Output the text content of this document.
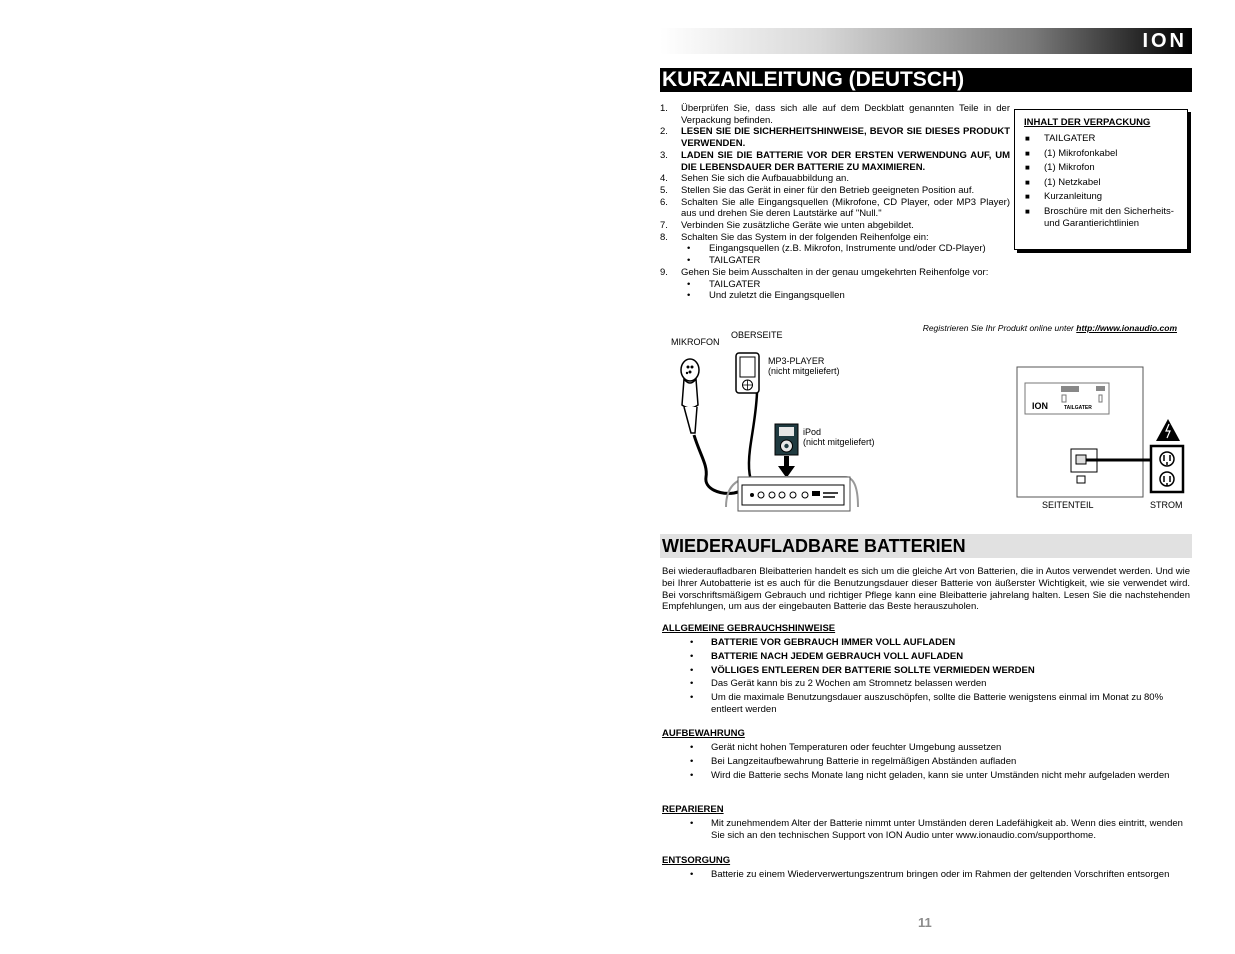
ION
KURZANLEITUNG (DEUTSCH)
1.	Überprüfen Sie, dass sich alle auf dem Deckblatt genannten Teile in der Verpackung befinden.
2.	LESEN SIE DIE SICHERHEITSHINWEISE, BEVOR SIE DIESES PRODUKT VERWENDEN.
3.	LADEN SIE DIE BATTERIE VOR DER ERSTEN VERWENDUNG AUF, UM DIE LEBENSDAUER DER BATTERIE ZU MAXIMIEREN.
4.	Sehen Sie sich die Aufbauabbildung an.
5.	Stellen Sie das Gerät in einer für den Betrieb geeigneten Position auf.
6.	Schalten Sie alle Eingangsquellen (Mikrofone, CD Player, oder MP3 Player) aus und drehen Sie deren Lautstärke auf "Null."
7.	Verbinden Sie zusätzliche Geräte wie unten abgebildet.
8.	Schalten Sie das System in der folgenden Reihenfolge ein:
•	Eingangsquellen (z.B. Mikrofon, Instrumente und/oder CD-Player)
•	TAILGATER
9.	Gehen Sie beim Ausschalten in der genau umgekehrten Reihenfolge vor:
•	TAILGATER
•	Und zuletzt die Eingangsquellen
INHALT DER VERPACKUNG
■	TAILGATER
■	(1) Mikrofonkabel
■	(1) Mikrofon
■	(1) Netzkabel
■	Kurzanleitung
■	Broschüre mit den Sicherheits- und Garantierichtlinien
Registrieren Sie Ihr Produkt online unter http://www.ionaudio.com
MIKROFON
OBERSEITE
MP3-PLAYER
(nicht mitgeliefert)
iPod
(nicht mitgeliefert)
SEITENTEIL	STROM
ION	TAILGATER
WIEDERAUFLADBARE BATTERIEN
Bei wiederaufladbaren Bleibatterien handelt es sich um die gleiche Art von Batterien, die in Autos verwendet werden. Und wie bei Ihrer Autobatterie ist es auch für die Benutzungsdauer dieser Batterie von äußerster Wichtigkeit, wie sie verwendet wird. Bei vorschriftsmäßigem Gebrauch und richtiger Pflege kann eine Bleibatterie jahrelang halten. Lesen Sie die nachstehenden Empfehlungen, um aus der eingebauten Batterie das Beste herauszuholen.
ALLGEMEINE GEBRAUCHSHINWEISE
•	BATTERIE VOR GEBRAUCH IMMER VOLL AUFLADEN
•	BATTERIE NACH JEDEM GEBRAUCH VOLL AUFLADEN
•	VÖLLIGES ENTLEEREN DER BATTERIE SOLLTE VERMIEDEN WERDEN
•	Das Gerät kann bis zu 2 Wochen am Stromnetz belassen werden
•	Um die maximale Benutzungsdauer auszuschöpfen, sollte die Batterie wenigstens einmal im Monat zu 80% entleert werden
AUFBEWAHRUNG
•	Gerät nicht hohen Temperaturen oder feuchter Umgebung aussetzen
•	Bei Langzeitaufbewahrung Batterie in regelmäßigen Abständen aufladen
•	Wird die Batterie sechs Monate lang nicht geladen, kann sie unter Umständen nicht mehr aufgeladen werden
REPARIEREN
•	Mit zunehmendem Alter der Batterie nimmt unter Umständen deren Ladefähigkeit ab. Wenn dies eintritt, wenden Sie sich an den technischen Support von ION Audio unter www.ionaudio.com/supporthome.
ENTSORGUNG
•	Batterie zu einem Wiederverwertungszentrum bringen oder im Rahmen der geltenden Vorschriften entsorgen
11
